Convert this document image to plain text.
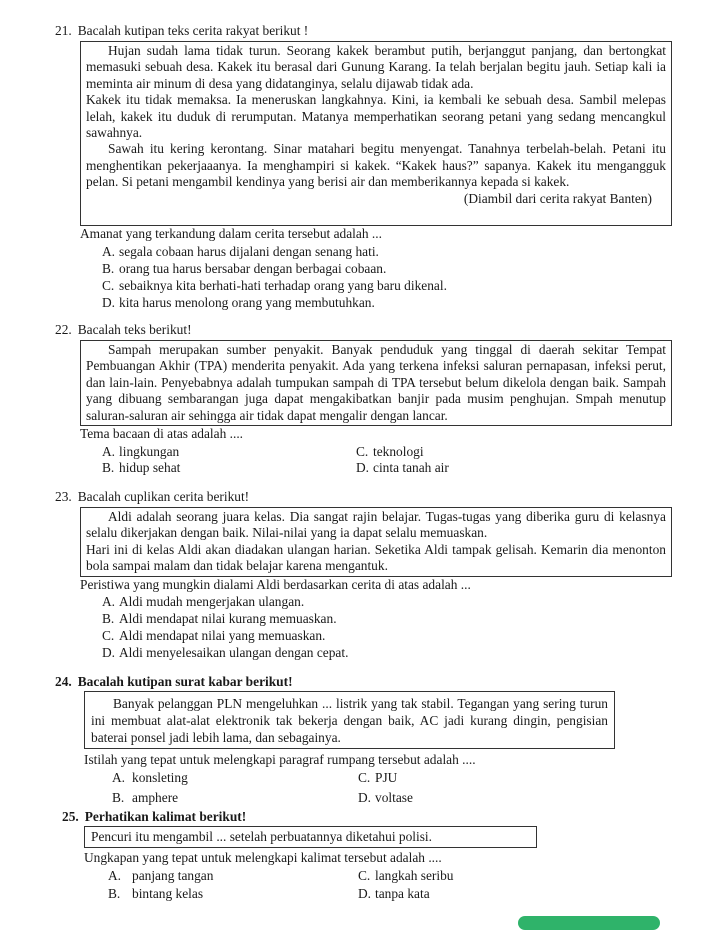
21. Bacalah kutipan teks cerita rakyat berikut !

Hujan sudah lama tidak turun. Seorang kakek berambut putih, berjanggut panjang, dan bertongkat memasuki sebuah desa. Kakek itu berasal dari Gunung Karang. Ia telah berjalan begitu jauh. Setiap kali ia meminta air minum di desa yang didatanginya, selalu dijawab tidak ada.

Kakek itu tidak memaksa. Ia meneruskan langkahnya. Kini, ia kembali ke sebuah desa. Sambil melepas lelah, kakek itu duduk di rerumputan. Matanya memperhatikan seorang petani yang sedang mencangkul sawahnya.

Sawah itu kering kerontang. Sinar matahari begitu menyengat. Tanahnya terbelah-belah. Petani itu menghentikan pekerjaaanya. Ia menghampiri si kakek. “Kakek haus?” sapanya. Kakek itu mengangguk pelan. Si petani mengambil kendinya yang berisi air dan memberikannya kepada si kakek.

(Diambil dari cerita rakyat Banten)

Amanat yang terkandung dalam cerita tersebut adalah ...
A. segala cobaan harus dijalani dengan senang hati.
B. orang tua harus bersabar dengan berbagai cobaan.
C. sebaiknya kita berhati-hati terhadap orang yang baru dikenal.
D. kita harus menolong orang yang membutuhkan.
22. Bacalah teks berikut!

Sampah merupakan sumber penyakit. Banyak penduduk yang tinggal di daerah sekitar Tempat Pembuangan Akhir (TPA) menderita penyakit. Ada yang terkena infeksi saluran pernapasan, infeksi perut, dan lain-lain. Penyebabnya adalah tumpukan sampah di TPA tersebut belum dikelola dengan baik. Sampah yang dibuang sembarangan juga dapat mengakibatkan banjir pada musim penghujan. Smpah menutup saluran-saluran air sehingga air tidak dapat mengalir dengan lancar.

Tema bacaan di atas adalah ....
A. lingkungan
B. hidup sehat
C. teknologi
D. cinta tanah air
23. Bacalah cuplikan cerita berikut!

Aldi adalah seorang juara kelas. Dia sangat rajin belajar. Tugas-tugas yang diberika guru di kelasnya selalu dikerjakan dengan baik. Nilai-nilai yang ia dapat selalu memuaskan.

Hari ini di kelas Aldi akan diadakan ulangan harian. Seketika Aldi tampak gelisah. Kemarin dia menonton bola sampai malam dan tidak belajar karena mengantuk.

Peristiwa yang mungkin dialami Aldi berdasarkan cerita di atas adalah ...
A. Aldi mudah mengerjakan ulangan.
B. Aldi mendapat nilai kurang memuaskan.
C. Aldi mendapat nilai yang memuaskan.
D. Aldi menyelesaikan ulangan dengan cepat.
24. Bacalah kutipan surat kabar berikut!

Banyak pelanggan PLN mengeluhkan ... listrik yang tak stabil. Tegangan yang sering turun ini membuat alat-alat elektronik tak bekerja dengan baik, AC jadi kurang dingin, pengisian baterai ponsel jadi lebih lama, dan sebagainya.

Istilah yang tepat untuk melengkapi paragraf rumpang tersebut adalah ....
A. konsleting
B. amphere
C. PJU
D. voltase
25. Perhatikan kalimat berikut!

Pencuri itu mengambil ... setelah perbuatannya diketahui polisi.

Ungkapan yang tepat untuk melengkapi kalimat tersebut adalah ....
A. panjang tangan
B. bintang kelas
C. langkah seribu
D. tanpa kata
